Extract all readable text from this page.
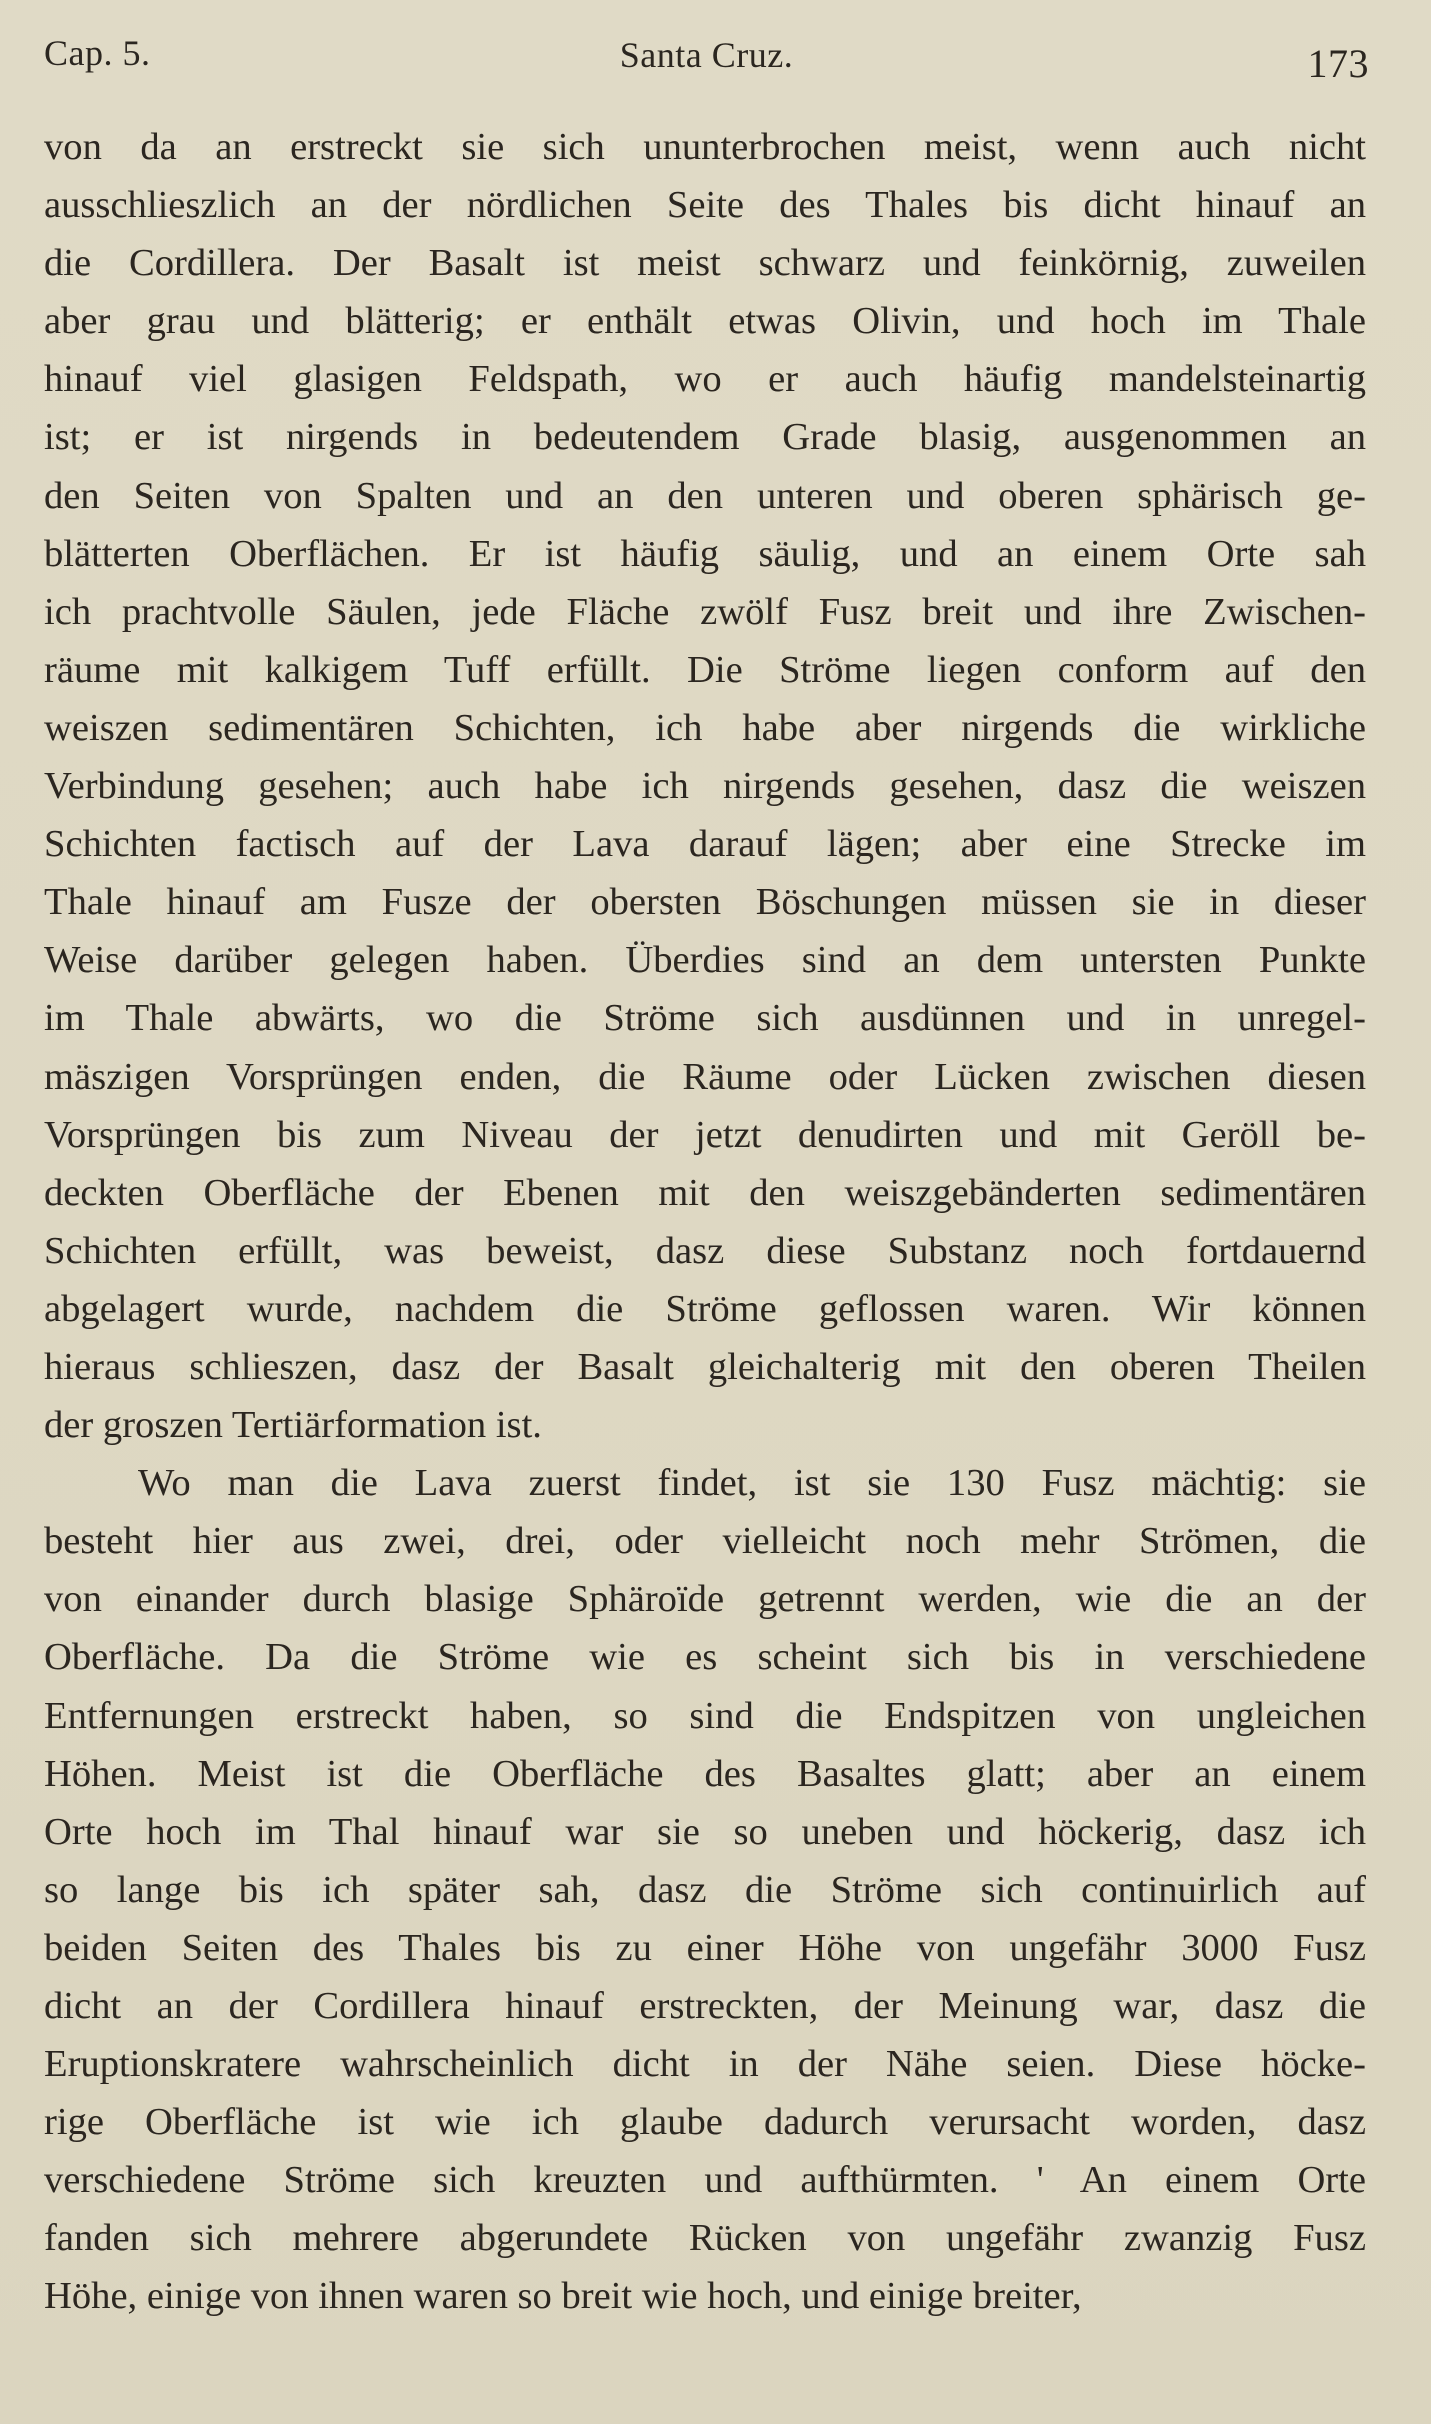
Cap. 5.	Santa Cruz.	173
von da an erstreckt sie sich ununterbrochen meist, wenn auch nicht
ausschlieszlich an der nördlichen Seite des Thales bis dicht hinauf an
die Cordillera. Der Basalt ist meist schwarz und feinkörnig, zuweilen
aber grau und blätterig; er enthält etwas Olivin, und hoch im Thale
hinauf viel glasigen Feldspath, wo er auch häufig mandelsteinartig
ist; er ist nirgends in bedeutendem Grade blasig, ausgenommen an
den Seiten von Spalten und an den unteren und oberen sphärisch ge-
blätterten Oberflächen. Er ist häufig säulig, und an einem Orte sah
ich prachtvolle Säulen, jede Fläche zwölf Fusz breit und ihre Zwischen-
räume mit kalkigem Tuff erfüllt. Die Ströme liegen conform auf den
weiszen sedimentären Schichten, ich habe aber nirgends die wirkliche
Verbindung gesehen; auch habe ich nirgends gesehen, dasz die weiszen
Schichten factisch auf der Lava darauf lägen; aber eine Strecke im
Thale hinauf am Fusze der obersten Böschungen müssen sie in dieser
Weise darüber gelegen haben. Überdies sind an dem untersten Punkte
im Thale abwärts, wo die Ströme sich ausdünnen und in unregel-
mäszigen Vorsprüngen enden, die Räume oder Lücken zwischen diesen
Vorsprüngen bis zum Niveau der jetzt denudirten und mit Geröll be-
deckten Oberfläche der Ebenen mit den weiszgebänderten sedimentären
Schichten erfüllt, was beweist, dasz diese Substanz noch fortdauernd
abgelagert wurde, nachdem die Ströme geflossen waren. Wir können
hieraus schlieszen, dasz der Basalt gleichalterig mit den oberen Theilen
der groszen Tertiärformation ist.
Wo man die Lava zuerst findet, ist sie 130 Fusz mächtig: sie
besteht hier aus zwei, drei, oder vielleicht noch mehr Strömen, die
von einander durch blasige Sphäroïde getrennt werden, wie die an der
Oberfläche. Da die Ströme wie es scheint sich bis in verschiedene
Entfernungen erstreckt haben, so sind die Endspitzen von ungleichen
Höhen. Meist ist die Oberfläche des Basaltes glatt; aber an einem
Orte hoch im Thal hinauf war sie so uneben und höckerig, dasz ich
so lange bis ich später sah, dasz die Ströme sich continuirlich auf
beiden Seiten des Thales bis zu einer Höhe von ungefähr 3000 Fusz
dicht an der Cordillera hinauf erstreckten, der Meinung war, dasz die
Eruptionskratere wahrscheinlich dicht in der Nähe seien. Diese höcke-
rige Oberfläche ist wie ich glaube dadurch verursacht worden, dasz
verschiedene Ströme sich kreuzten und aufthürmten. ' An einem Orte
fanden sich mehrere abgerundete Rücken von ungefähr zwanzig Fusz
Höhe, einige von ihnen waren so breit wie hoch, und einige breiter,
